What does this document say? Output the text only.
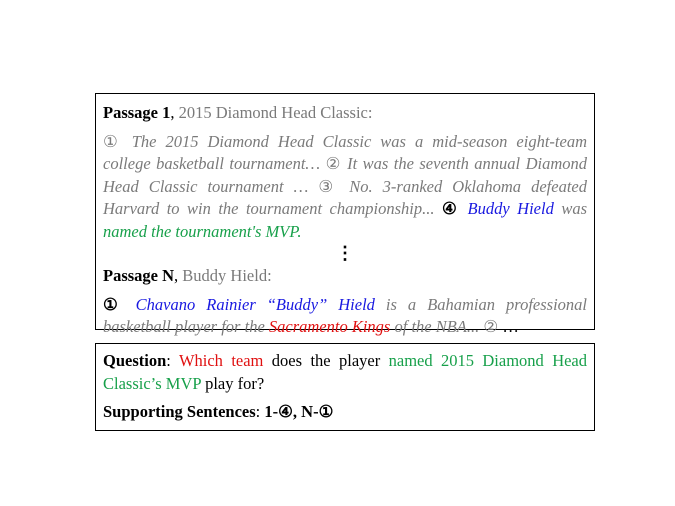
Passage 1, 2015 Diamond Head Classic:

① The 2015 Diamond Head Classic was a mid-season eight-team college basketball tournament… ② It was the seventh annual Diamond Head Classic tournament … ③ No. 3-ranked Oklahoma defeated Harvard to win the tournament championship... ④ Buddy Hield was named the tournament's MVP.

⋮

Passage N, Buddy Hield:

① Chavano Rainier “Buddy” Hield is a Bahamian professional basketball player for the Sacramento Kings of the NBA... ② …

Question: Which team does the player named 2015 Diamond Head Classic’s MVP play for?

Supporting Sentences: 1-④, N-①
